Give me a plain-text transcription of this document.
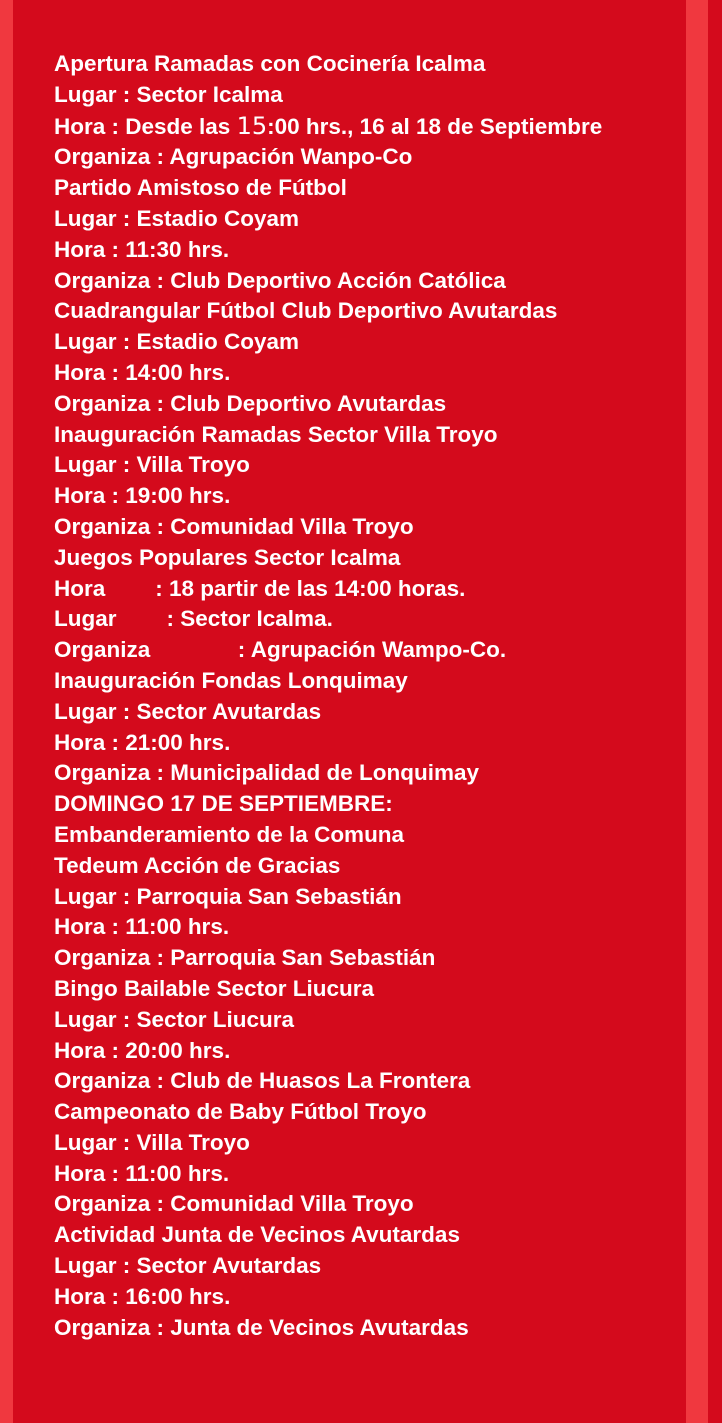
Apertura Ramadas con Cocinería Icalma
Lugar : Sector Icalma
Hora : Desde las 15:00 hrs., 16 al 18 de Septiembre
Organiza : Agrupación Wanpo-Co
Partido Amistoso de Fútbol
Lugar : Estadio Coyam
Hora : 11:30 hrs.
Organiza : Club Deportivo Acción Católica
Cuadrangular Fútbol Club Deportivo Avutardas
Lugar : Estadio Coyam
Hora : 14:00 hrs.
Organiza : Club Deportivo Avutardas
Inauguración Ramadas Sector Villa Troyo
Lugar : Villa Troyo
Hora : 19:00 hrs.
Organiza : Comunidad Villa Troyo
Juegos Populares Sector Icalma
Hora        : 18 partir de las 14:00 horas.
Lugar        : Sector Icalma.
Organiza              : Agrupación Wampo-Co.
Inauguración Fondas Lonquimay
Lugar : Sector Avutardas
Hora : 21:00 hrs.
Organiza : Municipalidad de Lonquimay
DOMINGO 17 DE SEPTIEMBRE:
Embanderamiento de la Comuna
Tedeum Acción de Gracias
Lugar : Parroquia San Sebastián
Hora : 11:00 hrs.
Organiza : Parroquia San Sebastián
Bingo Bailable Sector Liucura
Lugar : Sector Liucura
Hora : 20:00 hrs.
Organiza : Club de Huasos La Frontera
Campeonato de Baby Fútbol Troyo
Lugar : Villa Troyo
Hora : 11:00 hrs.
Organiza : Comunidad Villa Troyo
Actividad Junta de Vecinos Avutardas
Lugar : Sector Avutardas
Hora : 16:00 hrs.
Organiza : Junta de Vecinos Avutardas
